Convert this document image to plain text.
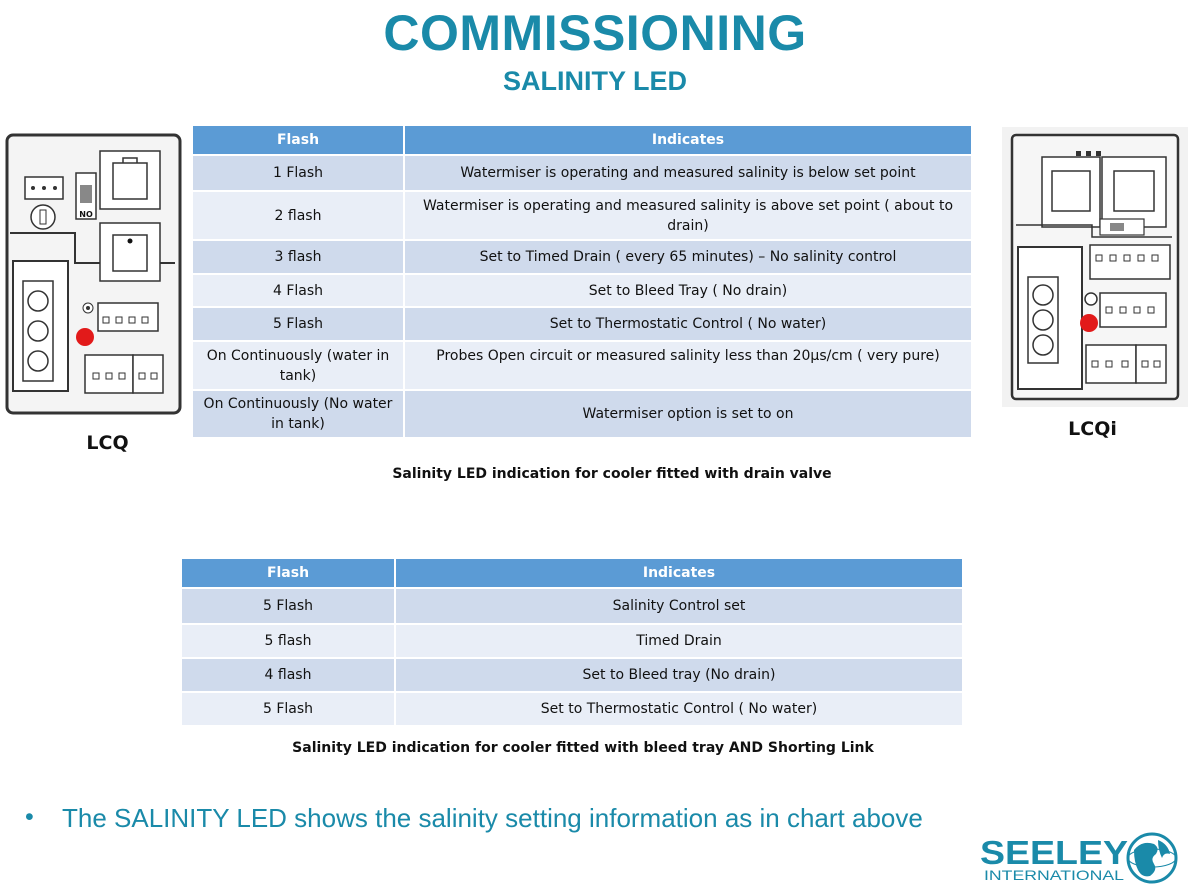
COMMISSIONING
SALINITY LED
NO
LCQ
LCQi
Flash	Indicates
1 Flash	Watermiser is operating and measured salinity is below set point
2 flash	Watermiser is operating and measured salinity is above set point ( about to drain)
3 flash	Set to Timed Drain ( every 65 minutes) – No salinity control
4 Flash	Set to Bleed Tray ( No drain)
5 Flash	Set to Thermostatic Control ( No water)
On Continuously (water in tank)	Probes Open circuit or measured salinity less than 20µs/cm ( very pure)
On Continuously (No water in tank)	Watermiser option is set to on
Salinity LED indication for cooler fitted with drain valve
Flash	Indicates
5 Flash	Salinity Control set
5 flash	Timed Drain
4 flash	Set to Bleed tray (No drain)
5 Flash	Set to Thermostatic Control ( No water)
Salinity LED indication for cooler fitted with bleed tray AND Shorting Link
• The SALINITY LED shows the salinity setting information as in chart above
SEELEY
INTERNATIONAL
